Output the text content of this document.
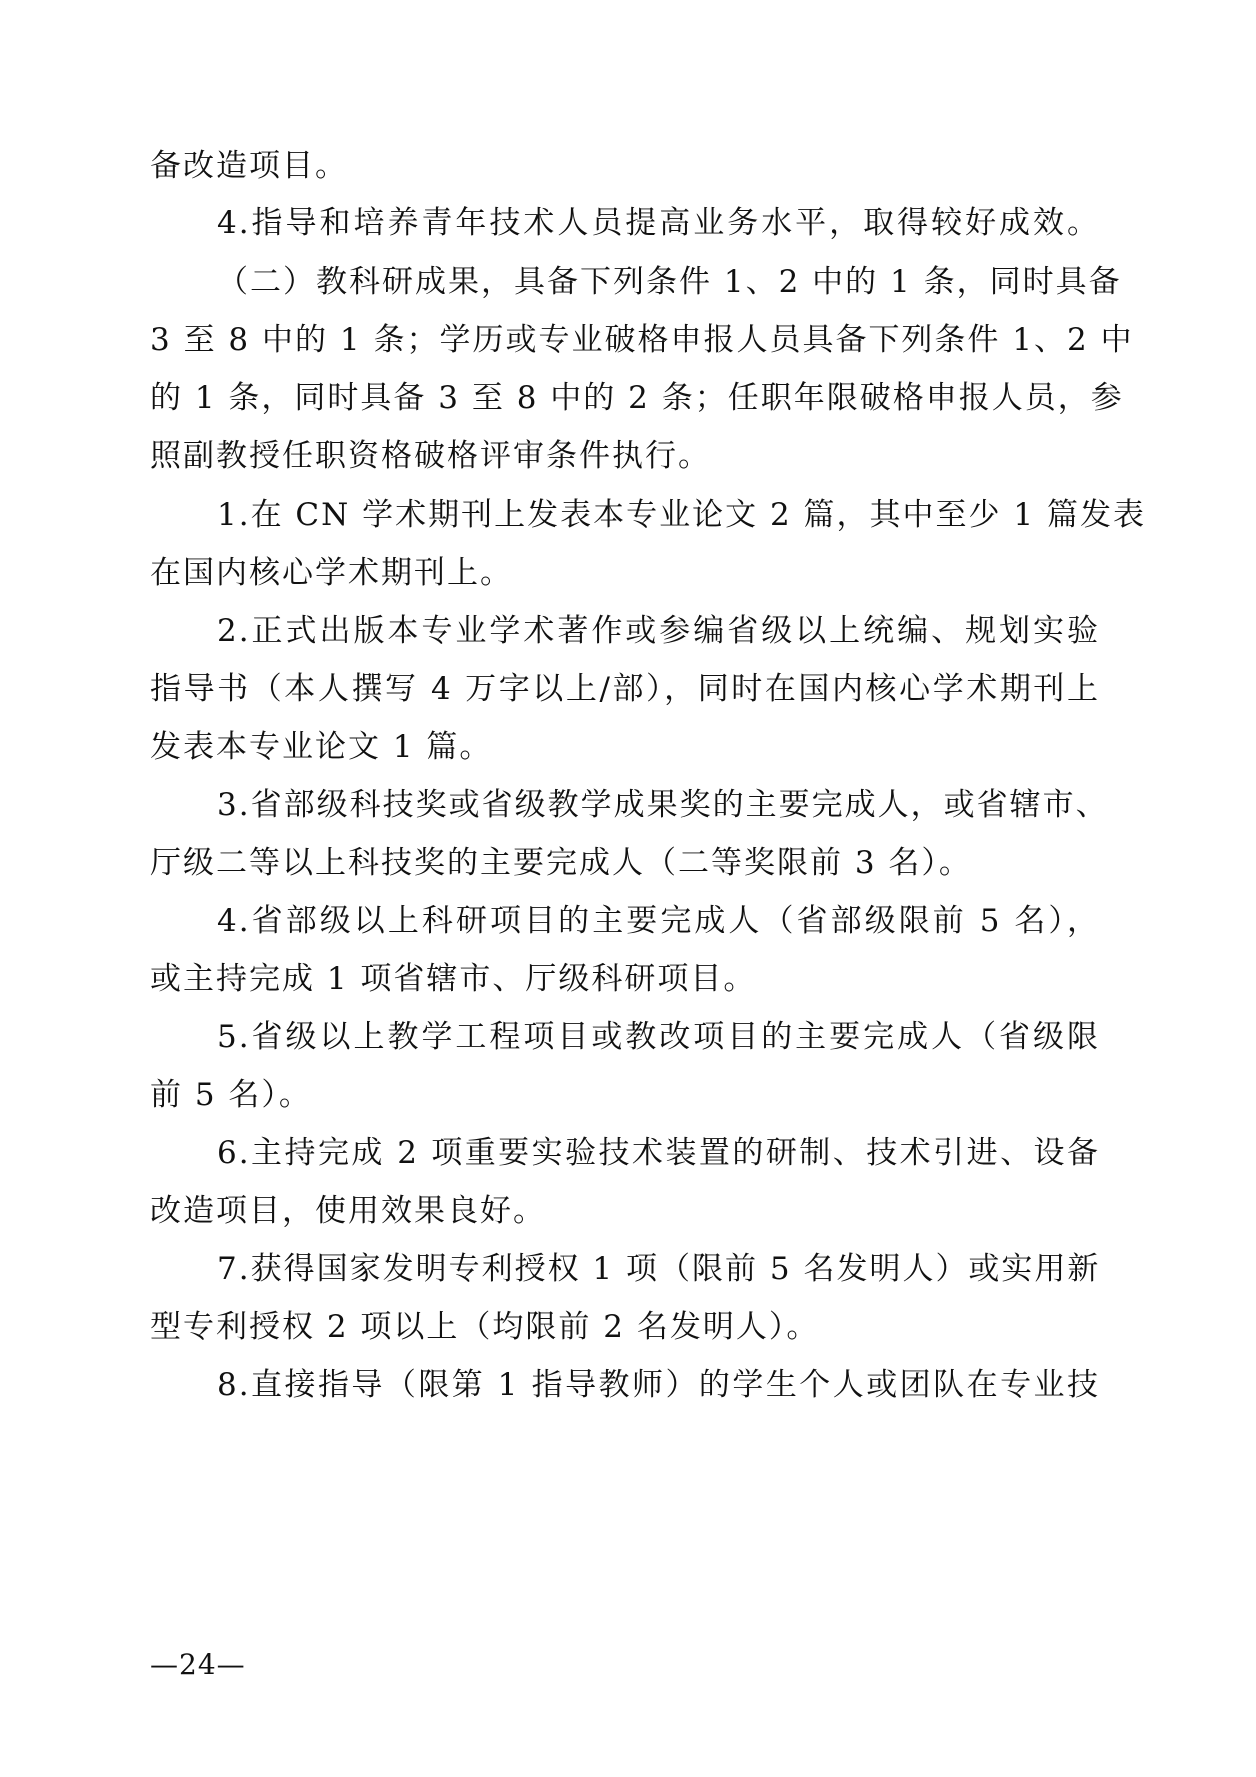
备改造项目。
4.指导和培养青年技术人员提高业务水平，取得较好成效。
（二）教科研成果，具备下列条件 1、2 中的 1 条，同时具备
3 至 8 中的 1 条；学历或专业破格申报人员具备下列条件 1、2 中
的 1 条，同时具备 3 至 8 中的 2 条；任职年限破格申报人员，参
照副教授任职资格破格评审条件执行。
1.在 CN 学术期刊上发表本专业论文 2 篇，其中至少 1 篇发表
在国内核心学术期刊上。
2.正式出版本专业学术著作或参编省级以上统编、规划实验
指导书（本人撰写 4 万字以上/部），同时在国内核心学术期刊上
发表本专业论文 1 篇。
3.省部级科技奖或省级教学成果奖的主要完成人，或省辖市、
厅级二等以上科技奖的主要完成人（二等奖限前 3 名）。
4.省部级以上科研项目的主要完成人（省部级限前 5 名），
或主持完成 1 项省辖市、厅级科研项目。
5.省级以上教学工程项目或教改项目的主要完成人（省级限
前 5 名）。
6.主持完成 2 项重要实验技术装置的研制、技术引进、设备
改造项目，使用效果良好。
7.获得国家发明专利授权 1 项（限前 5 名发明人）或实用新
型专利授权 2 项以上（均限前 2 名发明人）。
8.直接指导（限第 1 指导教师）的学生个人或团队在专业技
—24—
